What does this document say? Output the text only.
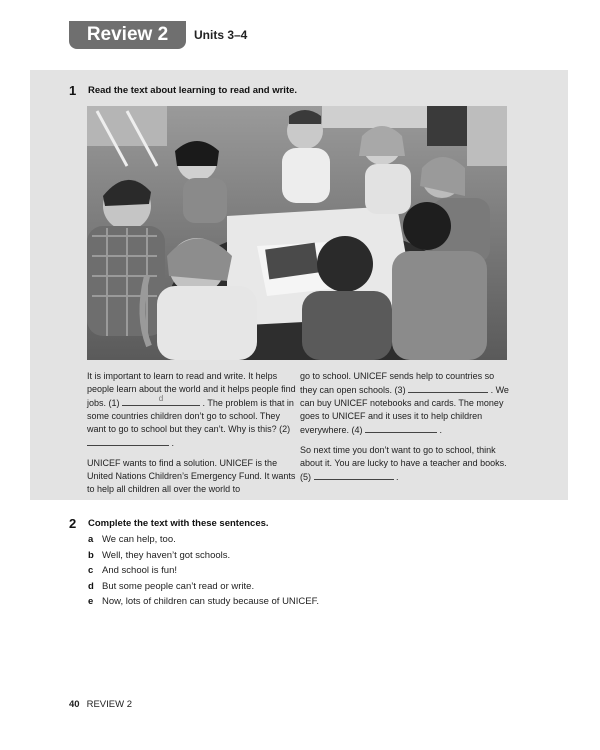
Review 2 Units 3–4
1 Read the text about learning to read and write.

It is important to learn to read and write. It helps people learn about the world and it helps people find jobs. (1)	d	. The problem is that in some countries children don’t go to school. They want to go to school but they can’t. Why is this? (2)  .

UNICEF wants to find a solution. UNICEF is the United Nations Children’s Emergency Fund. It wants to help all children all over the world to

go to school. UNICEF sends help to countries so they can open schools. (3)	. We can buy UNICEF notebooks and cards. The money goes to UNICEF and it uses it to help children everywhere. (4)	.

So next time you don’t want to go to school, think about it. You are lucky to have a teacher and books. (5)	.

2 Complete the text with these sentences.
a We can help, too.
b Well, they haven’t got schools.
c And school is fun!
d But some people can’t read or write.
e Now, lots of children can study because of UNICEF.
40 REVIEW 2
